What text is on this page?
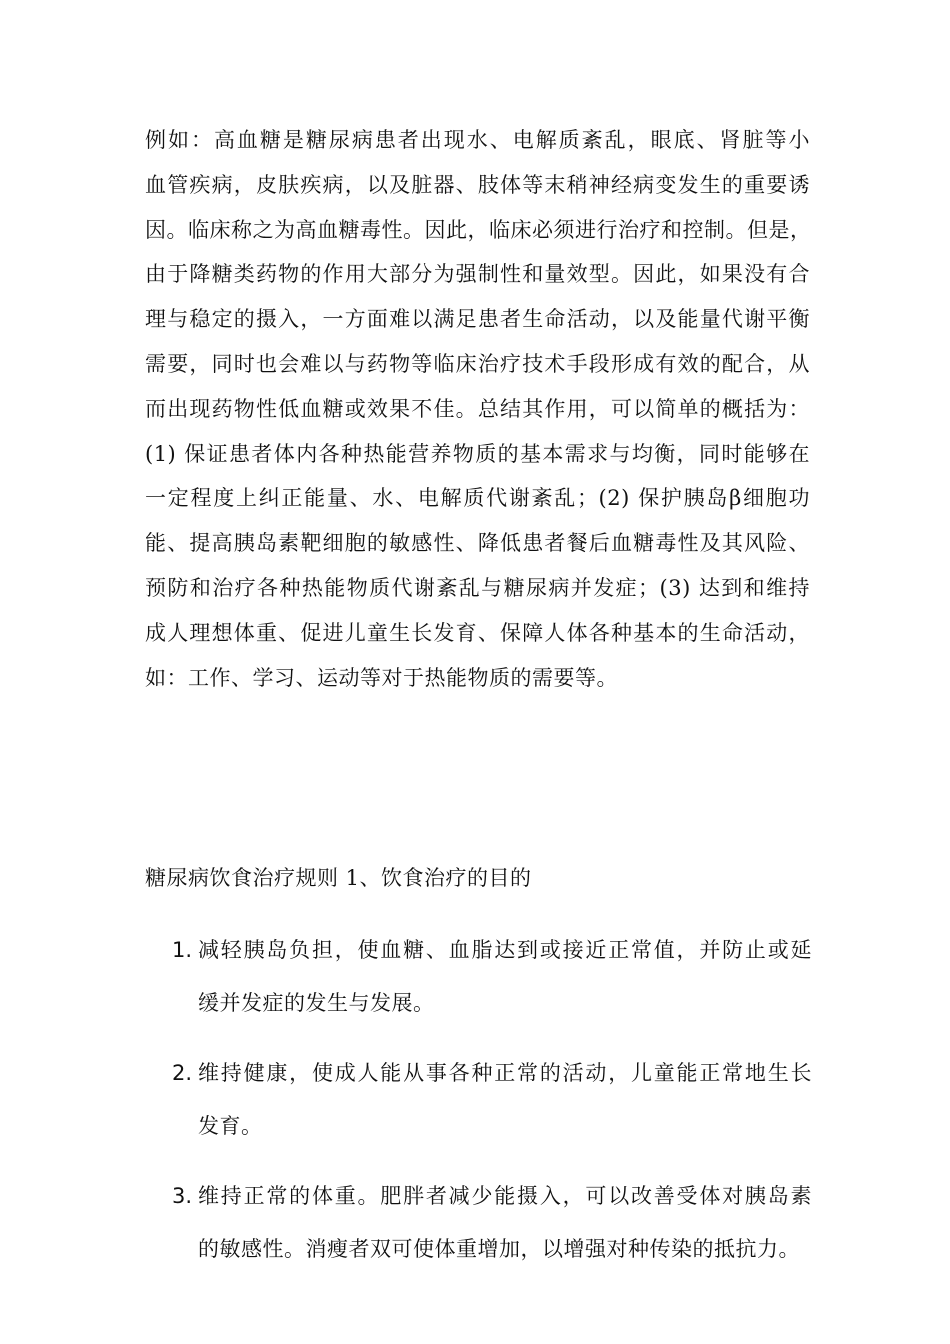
例如：高血糖是糖尿病患者出现水、电解质紊乱，眼底、肾脏等小
血管疾病，皮肤疾病，以及脏器、肢体等末稍神经病变发生的重要诱
因。临床称之为高血糖毒性。因此，临床必须进行治疗和控制。但是，
由于降糖类药物的作用大部分为强制性和量效型。因此，如果没有合
理与稳定的摄入，一方面难以满足患者生命活动，以及能量代谢平衡
需要，同时也会难以与药物等临床治疗技术手段形成有效的配合，从
而出现药物性低血糖或效果不佳。总结其作用，可以简单的概括为：
(1) 保证患者体内各种热能营养物质的基本需求与均衡，同时能够在
一定程度上纠正能量、水、电解质代谢紊乱；(2) 保护胰岛β细胞功
能、提高胰岛素靶细胞的敏感性、降低患者餐后血糖毒性及其风险、
预防和治疗各种热能物质代谢紊乱与糖尿病并发症；(3) 达到和维持
成人理想体重、促进儿童生长发育、保障人体各种基本的生命活动，
如：工作、学习、运动等对于热能物质的需要等。
糖尿病饮食治疗规则 1、饮食治疗的目的
1. 减轻胰岛负担，使血糖、血脂达到或接近正常值，并防止或延
缓并发症的发生与发展。
2. 维持健康，使成人能从事各种正常的活动，儿童能正常地生长
发育。
3. 维持正常的体重。肥胖者减少能摄入，可以改善受体对胰岛素
的敏感性。消瘦者双可使体重增加，以增强对种传染的抵抗力。
